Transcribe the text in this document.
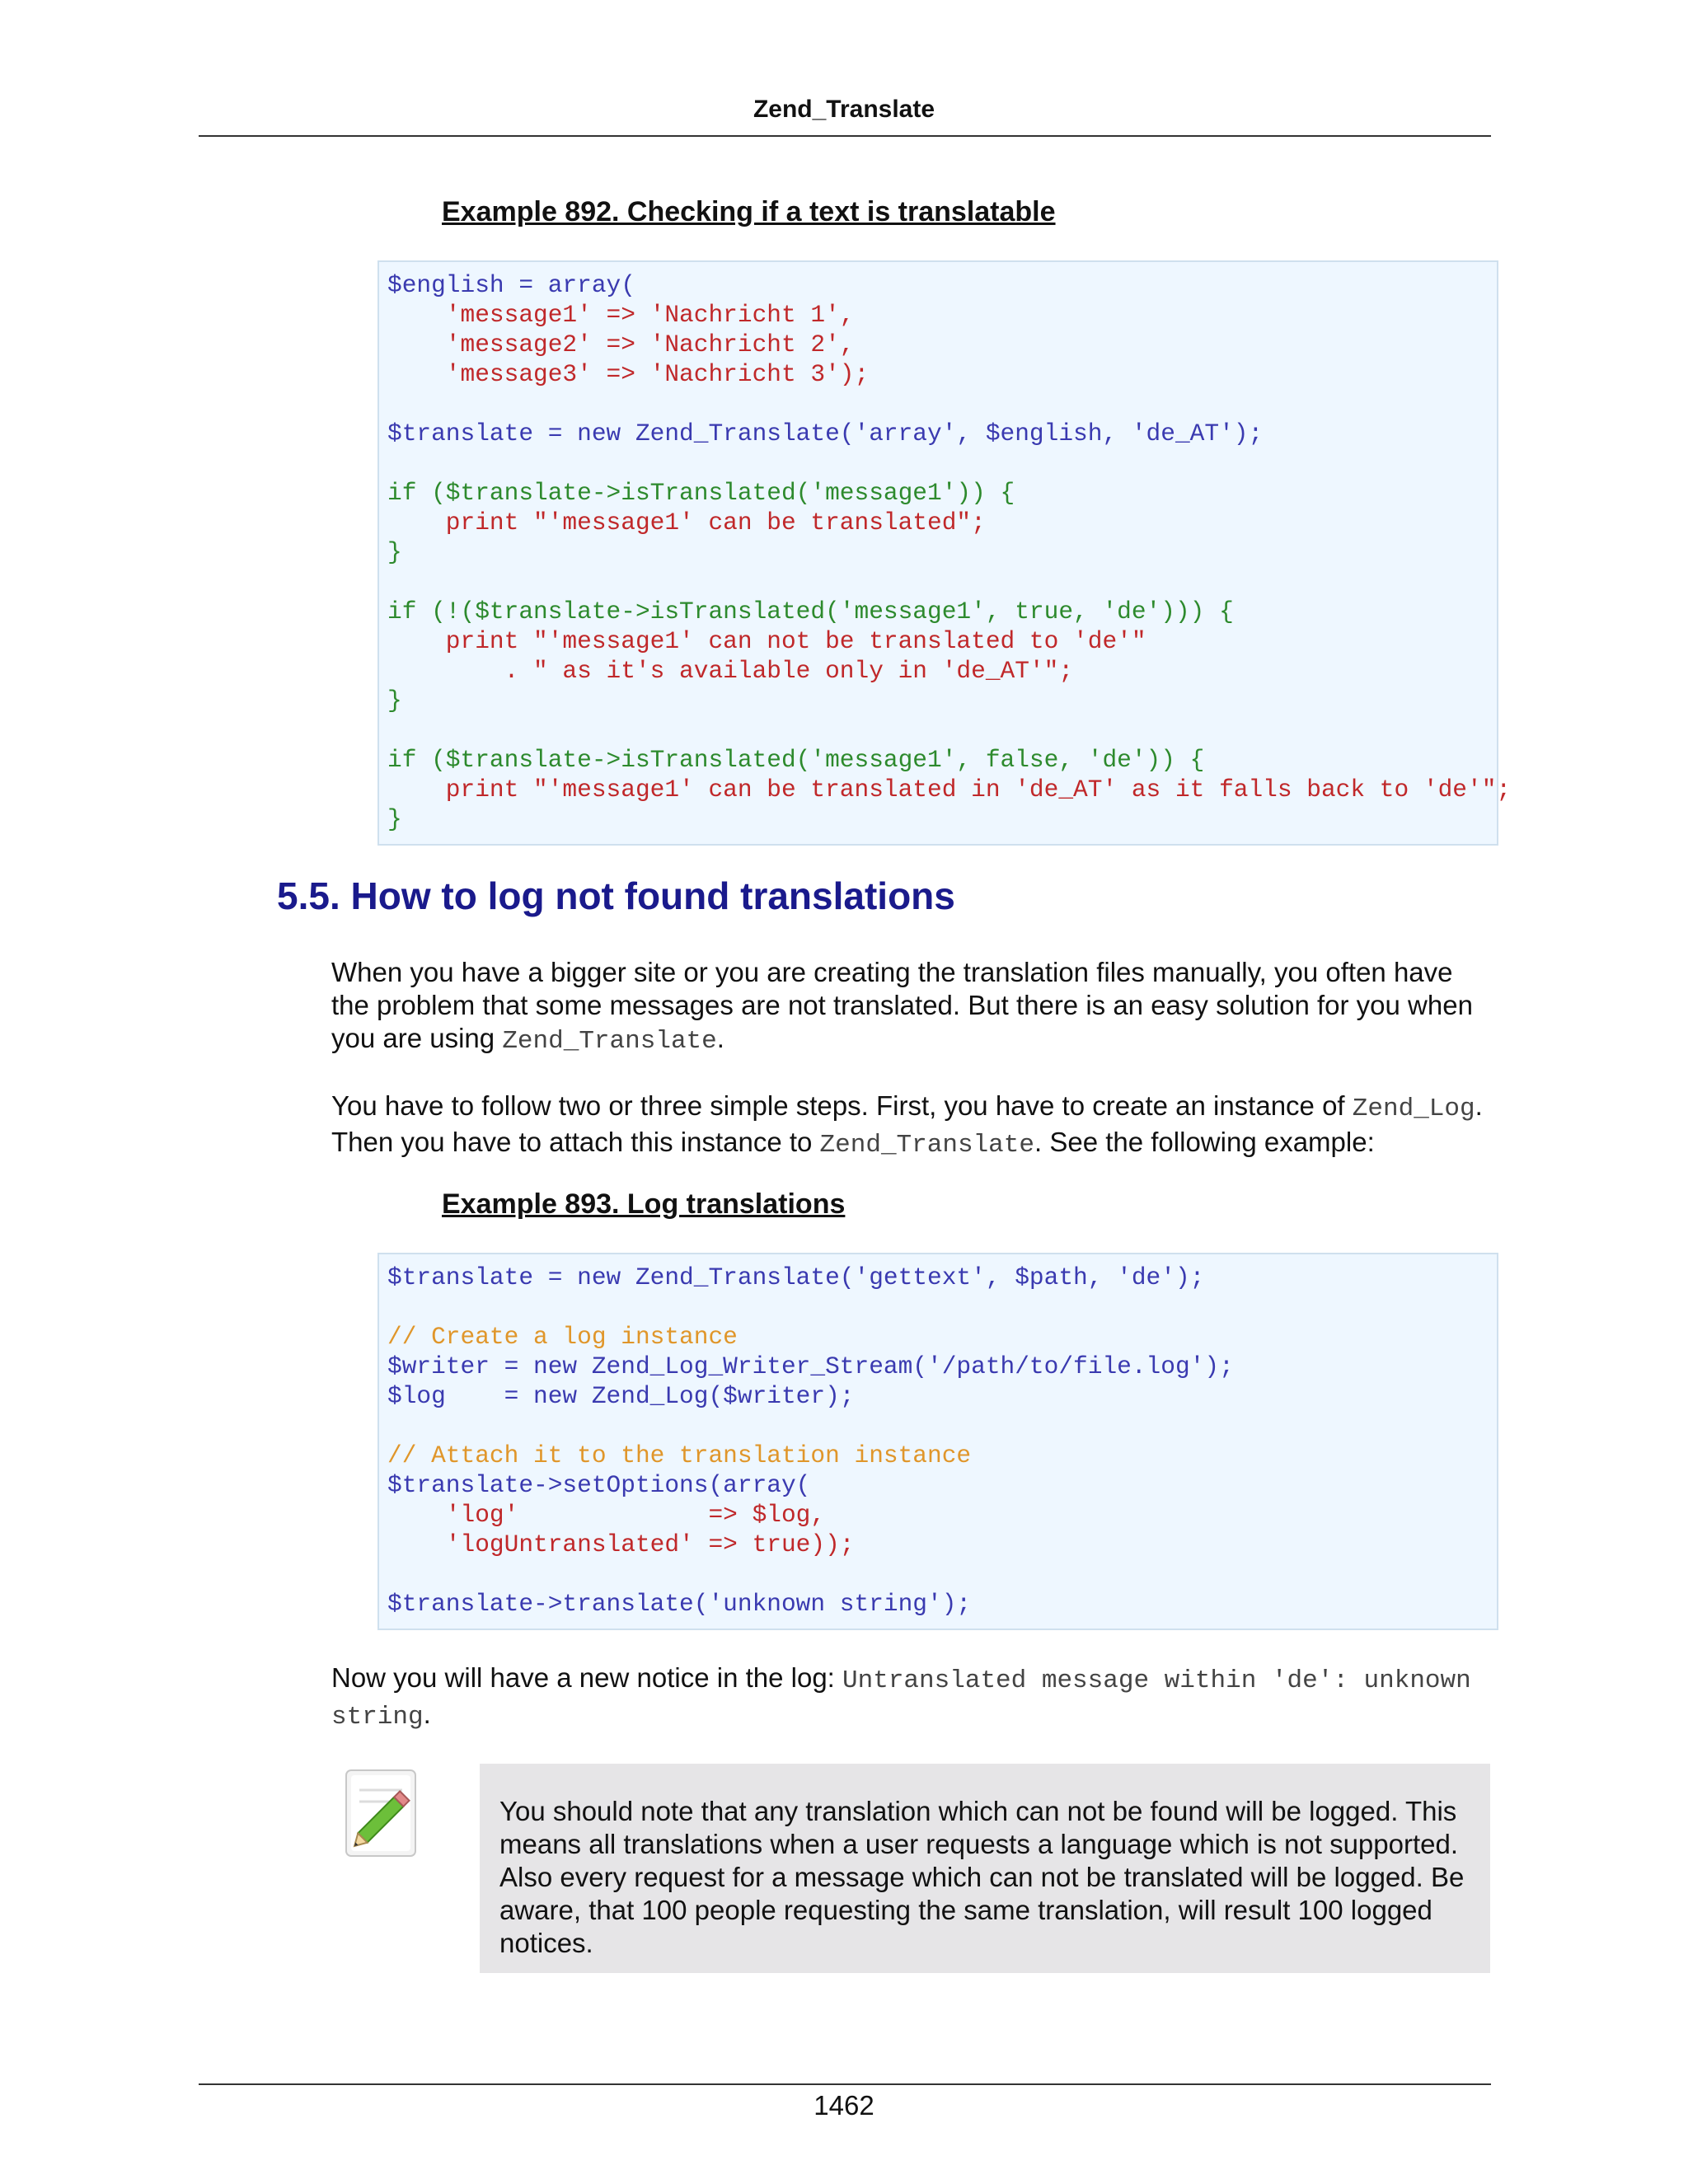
Zend_Translate
Example 892. Checking if a text is translatable
$english = array(
'message1' => 'Nachricht 1',
'message2' => 'Nachricht 2',
'message3' => 'Nachricht 3');
$translate = new Zend_Translate('array', $english, 'de_AT');
if ($translate->isTranslated('message1')) {
print "'message1' can be translated";
}
if (!($translate->isTranslated('message1', true, 'de'))) {
print "'message1' can not be translated to 'de'"
. " as it's available only in 'de_AT'";
}
if ($translate->isTranslated('message1', false, 'de')) {
print "'message1' can be translated in 'de_AT' as it falls back to 'de'";
}
5.5. How to log not found translations
When you have a bigger site or you are creating the translation files manually, you often have
the problem that some messages are not translated. But there is an easy solution for you when
you are using Zend_Translate.
You have to follow two or three simple steps. First, you have to create an instance of Zend_Log.
Then you have to attach this instance to Zend_Translate. See the following example:
Example 893. Log translations
$translate = new Zend_Translate('gettext', $path, 'de');
// Create a log instance
$writer = new Zend_Log_Writer_Stream('/path/to/file.log');
$log    = new Zend_Log($writer);
// Attach it to the translation instance
$translate->setOptions(array(
'log'             => $log,
'logUntranslated' => true));
$translate->translate('unknown string');
Now you will have a new notice in the log: Untranslated message within 'de': unknown
string.
You should note that any translation which can not be found will be logged. This
means all translations when a user requests a language which is not supported.
Also every request for a message which can not be translated will be logged. Be
aware, that 100 people requesting the same translation, will result 100 logged
notices.
1462
